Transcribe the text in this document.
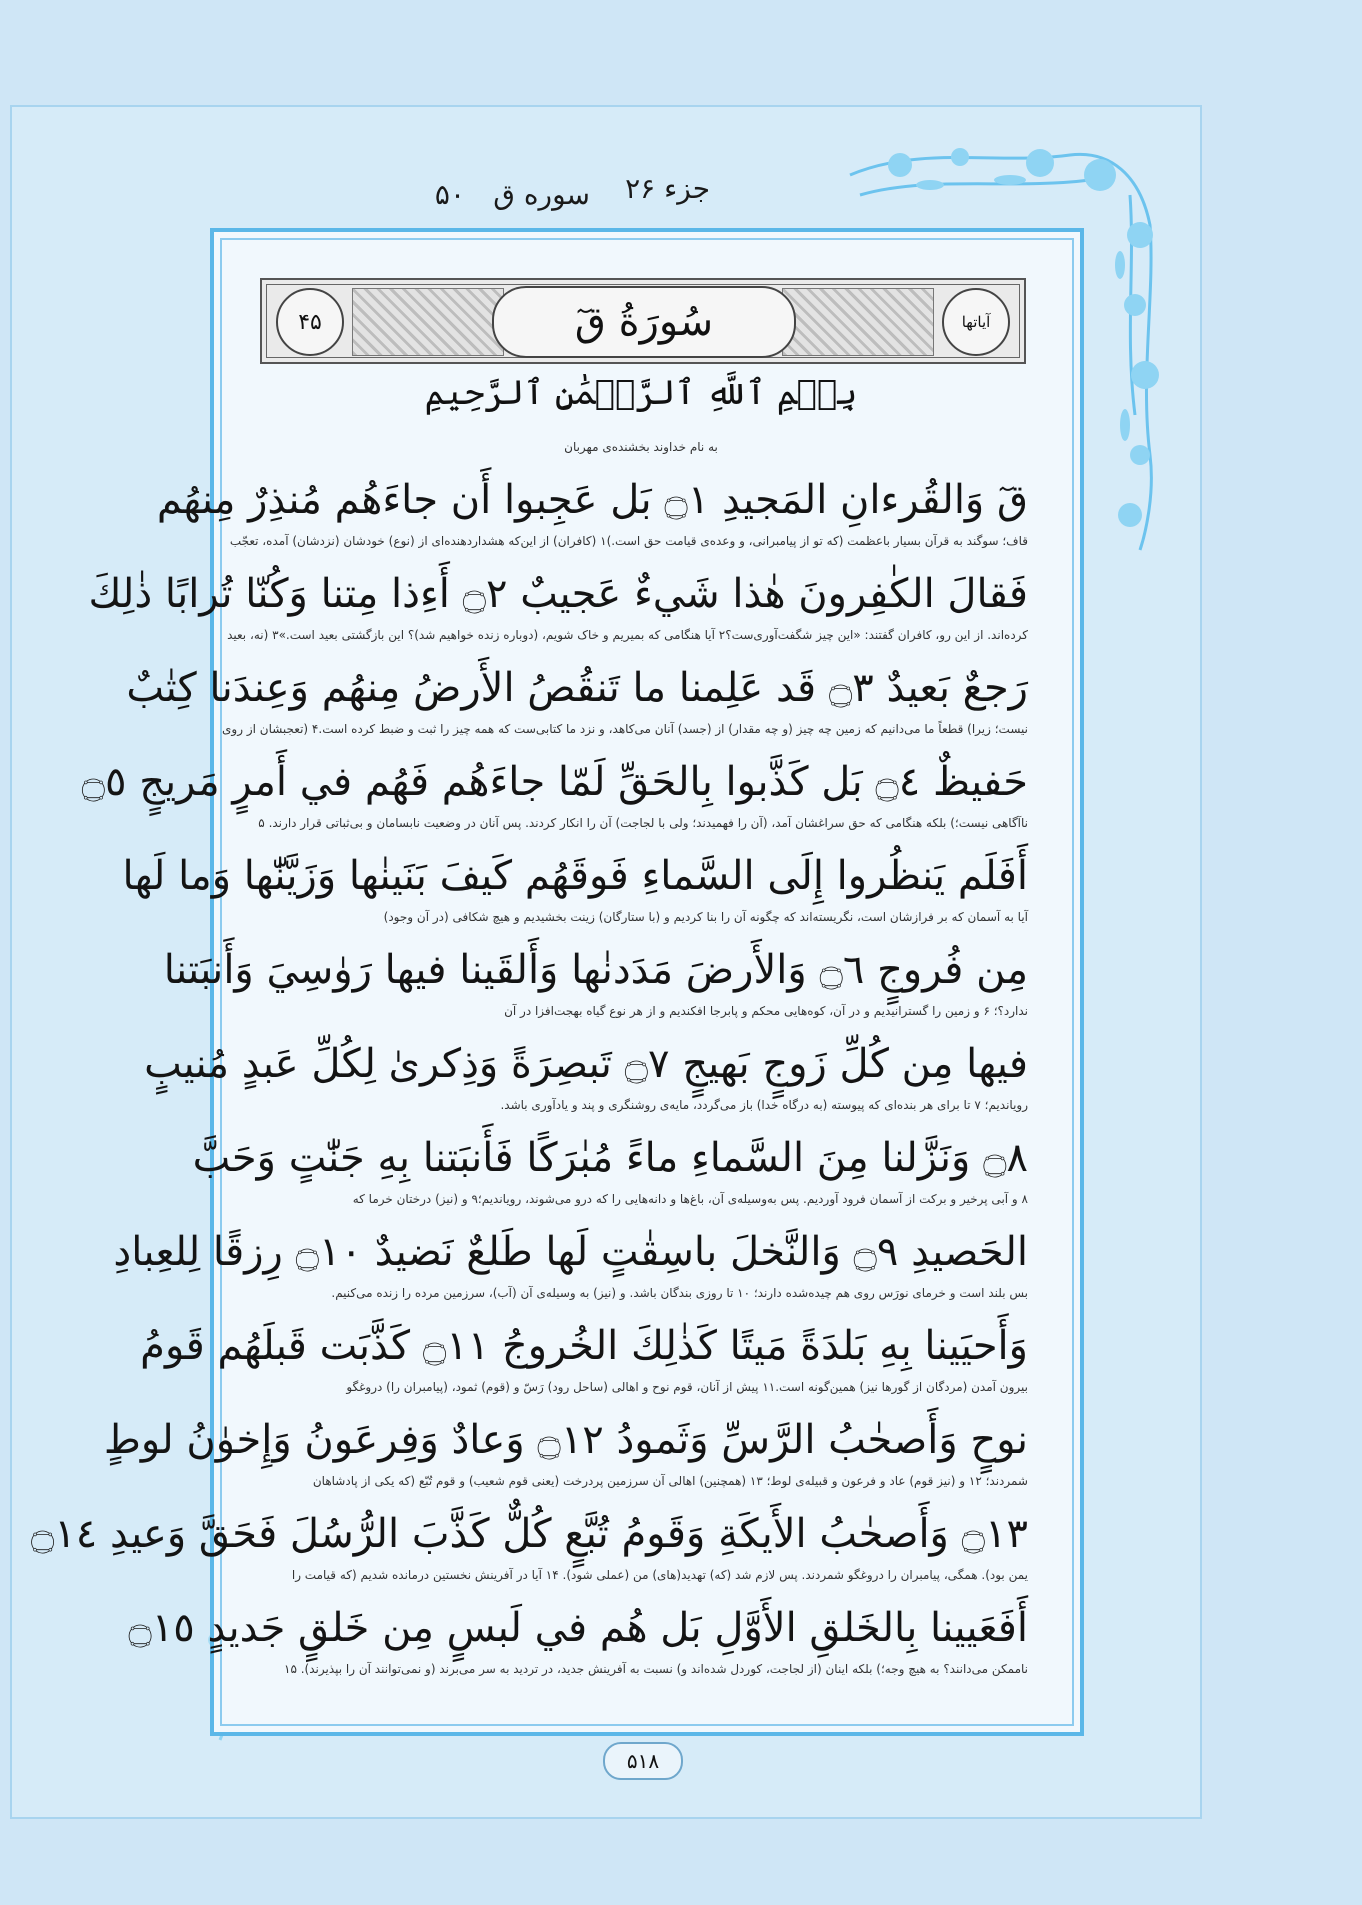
جزء ۲۶
سوره ق
۵۰
آیاتها
سُورَةُ قٓ
۴۵
بِسۡمِ ٱللَّهِ ٱلرَّحۡمَٰنِ ٱلرَّحِيمِ
به نام خداوند بخشنده‌ی مهربان
قٓ وَالقُرءانِ المَجيدِ ۝١ بَل عَجِبوا أَن جاءَهُم مُنذِرٌ مِنهُم
قاف؛ سوگند به قرآن بسیار باعظمت (که تو از پیامبرانی، و وعده‌ی قیامت حق است.)۱ (کافران) از این‌که هشداردهنده‌ای از (نوع) خودشان (نزدشان) آمده، تعجّب
فَقالَ الكٰفِرونَ هٰذا شَيءٌ عَجيبٌ ۝٢ أَءِذا مِتنا وَكُنّا تُرابًا ذٰلِكَ
کرده‌اند. از این رو، کافران گفتند: «این چیز شگفت‌آوری‌ست؟۲ آیا هنگامی که بمیریم و خاک شویم، (دوباره زنده خواهیم شد)؟ این بازگشتی بعید است.»۳ (نه، بعید
رَجعٌ بَعيدٌ ۝٣ قَد عَلِمنا ما تَنقُصُ الأَرضُ مِنهُم وَعِندَنا كِتٰبٌ
نیست؛ زیرا) قطعاً ما می‌دانیم که زمین چه چیز (و چه مقدار) از (جسد) آنان می‌کاهد، و نزد ما کتابی‌ست که همه چیز را ثبت و ضبط کرده است.۴ (تعجبشان از روی
حَفيظٌ ۝٤ بَل كَذَّبوا بِالحَقِّ لَمّا جاءَهُم فَهُم في أَمرٍ مَريجٍ ۝٥
ناآگاهی نیست؛) بلکه هنگامی که حق سراغشان آمد، (آن را فهمیدند؛ ولی با لجاجت) آن را انکار کردند. پس آنان در وضعیت نابسامان و بی‌ثباتی قرار دارند. ۵
أَفَلَم يَنظُروا إِلَى السَّماءِ فَوقَهُم كَيفَ بَنَينٰها وَزَيَّنّٰها وَما لَها
آیا به آسمان که بر فرازشان است، نگریسته‌اند که چگونه آن را بنا کردیم و (با ستارگان) زینت بخشیدیم و هیچ شکافی (در آن وجود)
مِن فُروجٍ ۝٦ وَالأَرضَ مَدَدنٰها وَأَلقَينا فيها رَوٰسِيَ وَأَنبَتنا
ندارد؟؛ ۶ و زمین را گسترانیدیم و در آن، کوه‌هایی محکم و پابرجا افکندیم و از هر نوع گیاه بهجت‌افزا در آن
فيها مِن كُلِّ زَوجٍ بَهيجٍ ۝٧ تَبصِرَةً وَذِكرىٰ لِكُلِّ عَبدٍ مُنيبٍ
رویاندیم؛ ۷ تا برای هر بنده‌ای که پیوسته (به درگاه خدا) باز می‌گردد، مایه‌ی روشنگری و پند و یادآوری باشد.
۝٨ وَنَزَّلنا مِنَ السَّماءِ ماءً مُبٰرَكًا فَأَنبَتنا بِهِ جَنّٰتٍ وَحَبَّ
۸ و آبی پرخیر و برکت از آسمان فرود آوردیم. پس به‌وسیله‌ی آن، باغ‌ها و دانه‌هایی را که درو می‌شوند، رویاندیم؛۹ و (نیز) درختان خرما که
الحَصيدِ ۝٩ وَالنَّخلَ باسِقٰتٍ لَها طَلعٌ نَضيدٌ ۝١٠ رِزقًا لِلعِبادِ
بس بلند است و خرمای نورَس روی هم چیده‌شده دارند؛ ۱۰ تا روزی بندگان باشد. و (نیز) به وسیله‌ی آن (آب)، سرزمین مرده را زنده می‌کنیم.
وَأَحيَينا بِهِ بَلدَةً مَيتًا كَذٰلِكَ الخُروجُ ۝١١ كَذَّبَت قَبلَهُم قَومُ
بیرون آمدن (مردگان از گورها نیز) همین‌گونه است.۱۱ پیش از آنان، قوم نوح و اهالی (ساحل رود) رَسّ و (قوم) ثمود، (پیامبران را) دروغگو
نوحٍ وَأَصحٰبُ الرَّسِّ وَثَمودُ ۝١٢ وَعادٌ وَفِرعَونُ وَإِخوٰنُ لوطٍ
شمردند؛ ۱۲ و (نیز قوم) عاد و فرعون و قبیله‌ی لوط؛ ۱۳ (همچنین) اهالی آن سرزمین پردرخت (یعنی قوم شعیب) و قوم تُبّع (که یکی از پادشاهان
۝١٣ وَأَصحٰبُ الأَيكَةِ وَقَومُ تُبَّعٍ كُلٌّ كَذَّبَ الرُّسُلَ فَحَقَّ وَعيدِ ۝١٤
یمن بود). همگی، پیامبران را دروغگو شمردند. پس لازم شد (که) تهدید(های) من (عملی شود). ۱۴ آیا در آفرینش نخستین درمانده شدیم (که قیامت را
أَفَعَيينا بِالخَلقِ الأَوَّلِ بَل هُم في لَبسٍ مِن خَلقٍ جَديدٍ ۝١٥
ناممکن می‌دانند؟ به هیچ وجه؛) بلکه اینان (از لجاجت، کوردل شده‌اند و) نسبت به آفرینش جدید، در تردید به سر می‌برند (و نمی‌توانند آن را بپذیرند). ۱۵
۵۱۸
